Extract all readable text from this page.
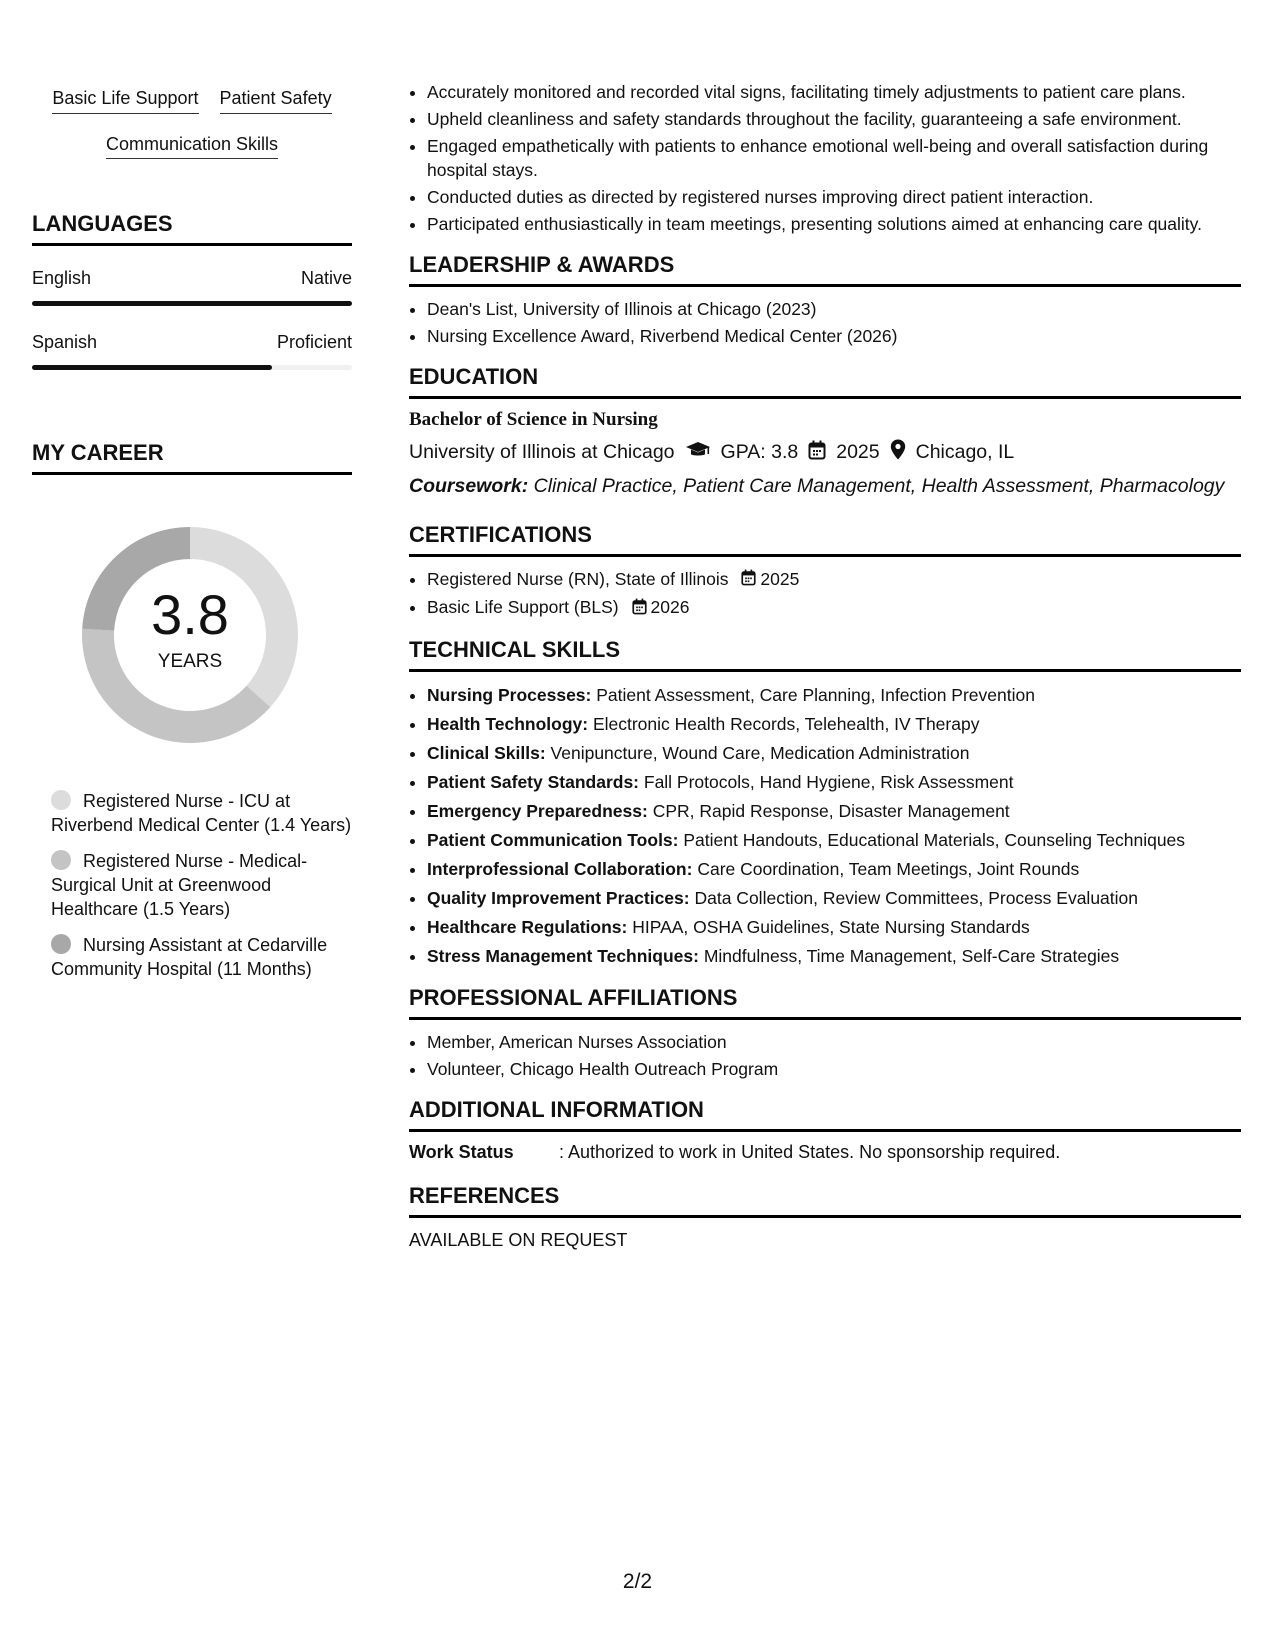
Basic Life Support Patient Safety
Communication Skills
LANGUAGES
English	Native
Spanish	Proficient
MY CAREER
3.8
YEARS
Registered Nurse - ICU at Riverbend Medical Center (1.4 Years)
Registered Nurse - Medical-Surgical Unit at Greenwood Healthcare (1.5 Years)
Nursing Assistant at Cedarville Community Hospital (11 Months)
• Accurately monitored and recorded vital signs, facilitating timely adjustments to patient care plans.
• Upheld cleanliness and safety standards throughout the facility, guaranteeing a safe environment.
• Engaged empathetically with patients to enhance emotional well-being and overall satisfaction during hospital stays.
• Conducted duties as directed by registered nurses improving direct patient interaction.
• Participated enthusiastically in team meetings, presenting solutions aimed at enhancing care quality.
LEADERSHIP & AWARDS
• Dean's List, University of Illinois at Chicago (2023)
• Nursing Excellence Award, Riverbend Medical Center (2026)
EDUCATION
Bachelor of Science in Nursing
University of Illinois at Chicago GPA: 3.8 2025 Chicago, IL
Coursework: Clinical Practice, Patient Care Management, Health Assessment, Pharmacology
CERTIFICATIONS
• Registered Nurse (RN), State of Illinois 2025
• Basic Life Support (BLS) 2026
TECHNICAL SKILLS
• Nursing Processes: Patient Assessment, Care Planning, Infection Prevention
• Health Technology: Electronic Health Records, Telehealth, IV Therapy
• Clinical Skills: Venipuncture, Wound Care, Medication Administration
• Patient Safety Standards: Fall Protocols, Hand Hygiene, Risk Assessment
• Emergency Preparedness: CPR, Rapid Response, Disaster Management
• Patient Communication Tools: Patient Handouts, Educational Materials, Counseling Techniques
• Interprofessional Collaboration: Care Coordination, Team Meetings, Joint Rounds
• Quality Improvement Practices: Data Collection, Review Committees, Process Evaluation
• Healthcare Regulations: HIPAA, OSHA Guidelines, State Nursing Standards
• Stress Management Techniques: Mindfulness, Time Management, Self-Care Strategies
PROFESSIONAL AFFILIATIONS
• Member, American Nurses Association
• Volunteer, Chicago Health Outreach Program
ADDITIONAL INFORMATION
Work Status	: Authorized to work in United States. No sponsorship required.
REFERENCES
AVAILABLE ON REQUEST
2/2
